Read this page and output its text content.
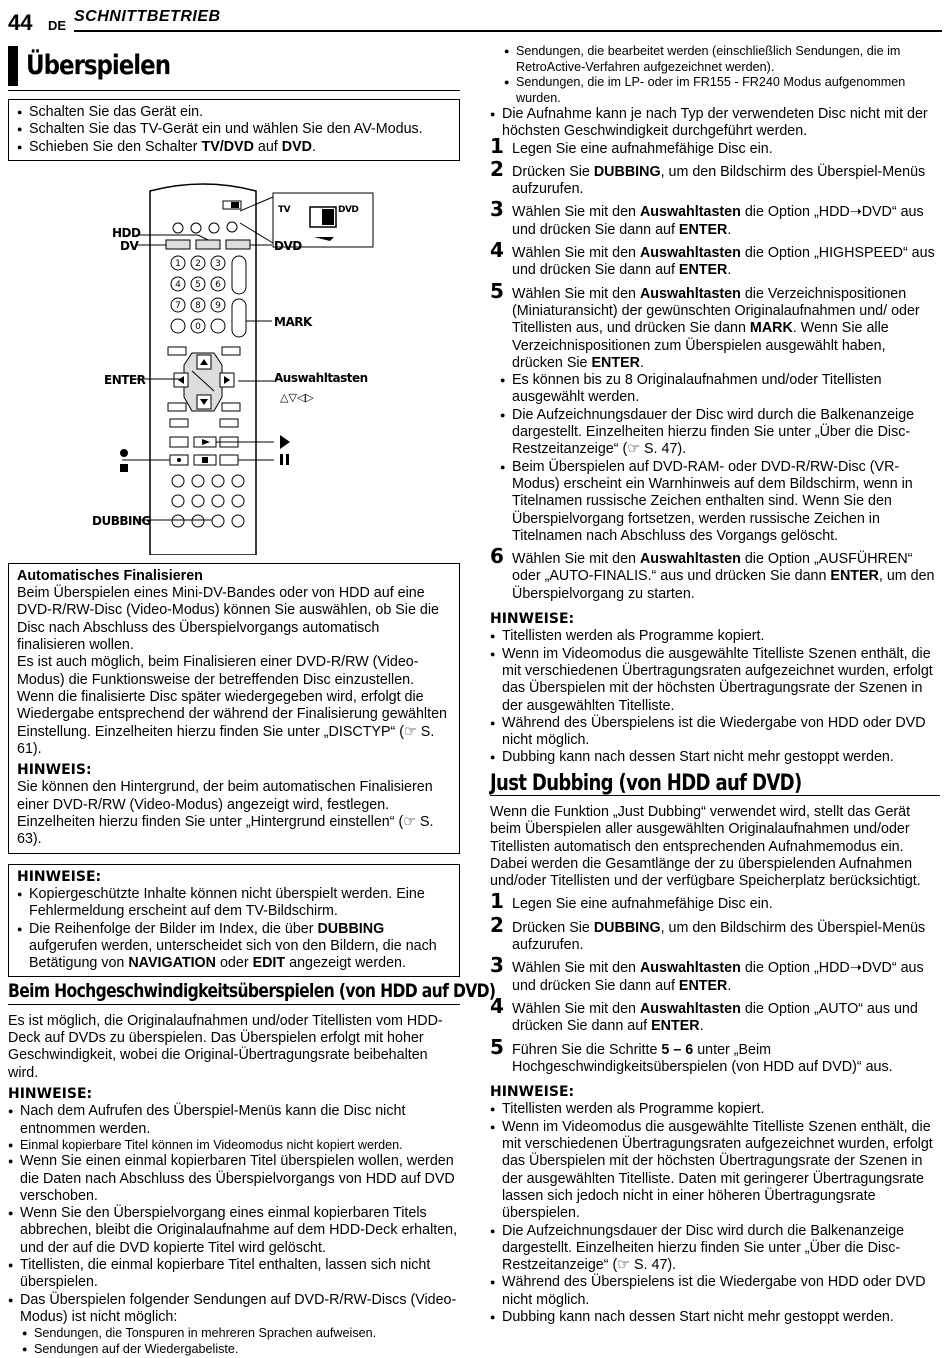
44 DE
SCHNITTBETRIEB
Überspielen
● Schalten Sie das Gerät ein.
● Schalten Sie das TV-Gerät ein und wählen Sie den AV-Modus.
● Schieben Sie den Schalter TV/DVD auf DVD.
1 2 3
4 5 6
7 8 9
0
△▽◁▷
TV	DVD
HDD
DV	DVD
MARK
ENTER	Auswahltasten
DUBBING
Automatisches Finalisieren

Beim Überspielen eines Mini-DV-Bandes oder von HDD auf eine DVD-R/RW-Disc (Video-Modus) können Sie auswählen, ob Sie die Disc nach Abschluss des Überspielvorgangs automatisch finalisieren wollen.

Es ist auch möglich, beim Finalisieren einer DVD-R/RW (Video-Modus) die Funktionsweise der betreffenden Disc einzustellen. Wenn die finalisierte Disc später wiedergegeben wird, erfolgt die Wiedergabe entsprechend der während der Finalisierung gewählten Einstellung. Einzelheiten hierzu finden Sie unter „DISCTYP“ (☞ S. 61).

HINWEIS:

Sie können den Hintergrund, der beim automatischen Finalisieren einer DVD-R/RW (Video-Modus) angezeigt wird, festlegen. Einzelheiten hierzu finden Sie unter „Hintergrund einstellen“ (☞ S. 63).

HINWEISE:
● Kopiergeschützte Inhalte können nicht überspielt werden. Eine Fehlermeldung erscheint auf dem TV-Bildschirm.
● Die Reihenfolge der Bilder im Index, die über DUBBING aufgerufen werden, unterscheidet sich von den Bildern, die nach Betätigung von NAVIGATION oder EDIT angezeigt werden.
Beim Hochgeschwindigkeitsüberspielen (von HDD auf DVD)

Es ist möglich, die Originalaufnahmen und/oder Titellisten vom HDD-Deck auf DVDs zu überspielen. Das Überspielen erfolgt mit hoher Geschwindigkeit, wobei die Original-Übertragungsrate beibehalten wird.

HINWEISE:
● Nach dem Aufrufen des Überspiel-Menüs kann die Disc nicht entnommen werden.
● Einmal kopierbare Titel können im Videomodus nicht kopiert werden.
● Wenn Sie einen einmal kopierbaren Titel überspielen wollen, werden die Daten nach Abschluss des Überspielvorgangs von HDD auf DVD verschoben.
● Wenn Sie den Überspielvorgang eines einmal kopierbaren Titels abbrechen, bleibt die Originalaufnahme auf dem HDD-Deck erhalten, und der auf die DVD kopierte Titel wird gelöscht.
● Titellisten, die einmal kopierbare Titel enthalten, lassen sich nicht überspielen.
● Das Überspielen folgender Sendungen auf DVD-R/RW-Discs (Video-Modus) ist nicht möglich:
● Sendungen, die Tonspuren in mehreren Sprachen aufweisen.
● Sendungen auf der Wiedergabeliste.
● Sendungen, die bearbeitet werden (einschließlich Sendungen, die im RetroActive-Verfahren aufgezeichnet werden).
● Sendungen, die im LP- oder im FR155 - FR240 Modus aufgenommen wurden.
● Die Aufnahme kann je nach Typ der verwendeten Disc nicht mit der höchsten Geschwindigkeit durchgeführt werden.
1 Legen Sie eine aufnahmefähige Disc ein.
2 Drücken Sie DUBBING, um den Bildschirm des Überspiel-Menüs aufzurufen.
3 Wählen Sie mit den Auswahltasten die Option „HDD➝DVD“ aus und drücken Sie dann auf ENTER.
4 Wählen Sie mit den Auswahltasten die Option „HIGHSPEED“ aus und drücken Sie dann auf ENTER.
5 Wählen Sie mit den Auswahltasten die Verzeichnispositionen (Miniaturansicht) der gewünschten Originalaufnahmen und/ oder Titellisten aus, und drücken Sie dann MARK. Wenn Sie alle Verzeichnispositionen zum Überspielen ausgewählt haben, drücken Sie ENTER.
● Es können bis zu 8 Originalaufnahmen und/oder Titellisten ausgewählt werden.
● Die Aufzeichnungsdauer der Disc wird durch die Balkenanzeige dargestellt. Einzelheiten hierzu finden Sie unter „Über die Disc-Restzeitanzeige“ (☞ S. 47).
● Beim Überspielen auf DVD-RAM- oder DVD-R/RW-Disc (VR-Modus) erscheint ein Warnhinweis auf dem Bildschirm, wenn in Titelnamen russische Zeichen enthalten sind. Wenn Sie den Überspielvorgang fortsetzen, werden russische Zeichen in Titelnamen nach Abschluss des Vorgangs gelöscht.
6 Wählen Sie mit den Auswahltasten die Option „AUSFÜHREN“ oder „AUTO-FINALIS.“ aus und drücken Sie dann ENTER, um den Überspielvorgang zu starten.
HINWEISE:
● Titellisten werden als Programme kopiert.
● Wenn im Videomodus die ausgewählte Titelliste Szenen enthält, die mit verschiedenen Übertragungsraten aufgezeichnet wurden, erfolgt das Überspielen mit der höchsten Übertragungsrate der Szenen in der ausgewählten Titelliste.
● Während des Überspielens ist die Wiedergabe von HDD oder DVD nicht möglich.
● Dubbing kann nach dessen Start nicht mehr gestoppt werden.
Just Dubbing (von HDD auf DVD)

Wenn die Funktion „Just Dubbing“ verwendet wird, stellt das Gerät beim Überspielen aller ausgewählten Originalaufnahmen und/oder Titellisten automatisch den entsprechenden Aufnahmemodus ein. Dabei werden die Gesamtlänge der zu überspielenden Aufnahmen und/oder Titellisten und der verfügbare Speicherplatz berücksichtigt.

1 Legen Sie eine aufnahmefähige Disc ein.
2 Drücken Sie DUBBING, um den Bildschirm des Überspiel-Menüs aufzurufen.
3 Wählen Sie mit den Auswahltasten die Option „HDD➝DVD“ aus und drücken Sie dann auf ENTER.
4 Wählen Sie mit den Auswahltasten die Option „AUTO“ aus und drücken Sie dann auf ENTER.
5 Führen Sie die Schritte 5 – 6 unter „Beim Hochgeschwindigkeitsüberspielen (von HDD auf DVD)“ aus.
HINWEISE:
● Titellisten werden als Programme kopiert.
● Wenn im Videomodus die ausgewählte Titelliste Szenen enthält, die mit verschiedenen Übertragungsraten aufgezeichnet wurden, erfolgt das Überspielen mit der höchsten Übertragungsrate der Szenen in der ausgewählten Titelliste. Daten mit geringerer Übertragungsrate lassen sich jedoch nicht in einer höheren Übertragungsrate überspielen.
● Die Aufzeichnungsdauer der Disc wird durch die Balkenanzeige dargestellt. Einzelheiten hierzu finden Sie unter „Über die Disc-Restzeitanzeige“ (☞ S. 47).
● Während des Überspielens ist die Wiedergabe von HDD oder DVD nicht möglich.
● Dubbing kann nach dessen Start nicht mehr gestoppt werden.
